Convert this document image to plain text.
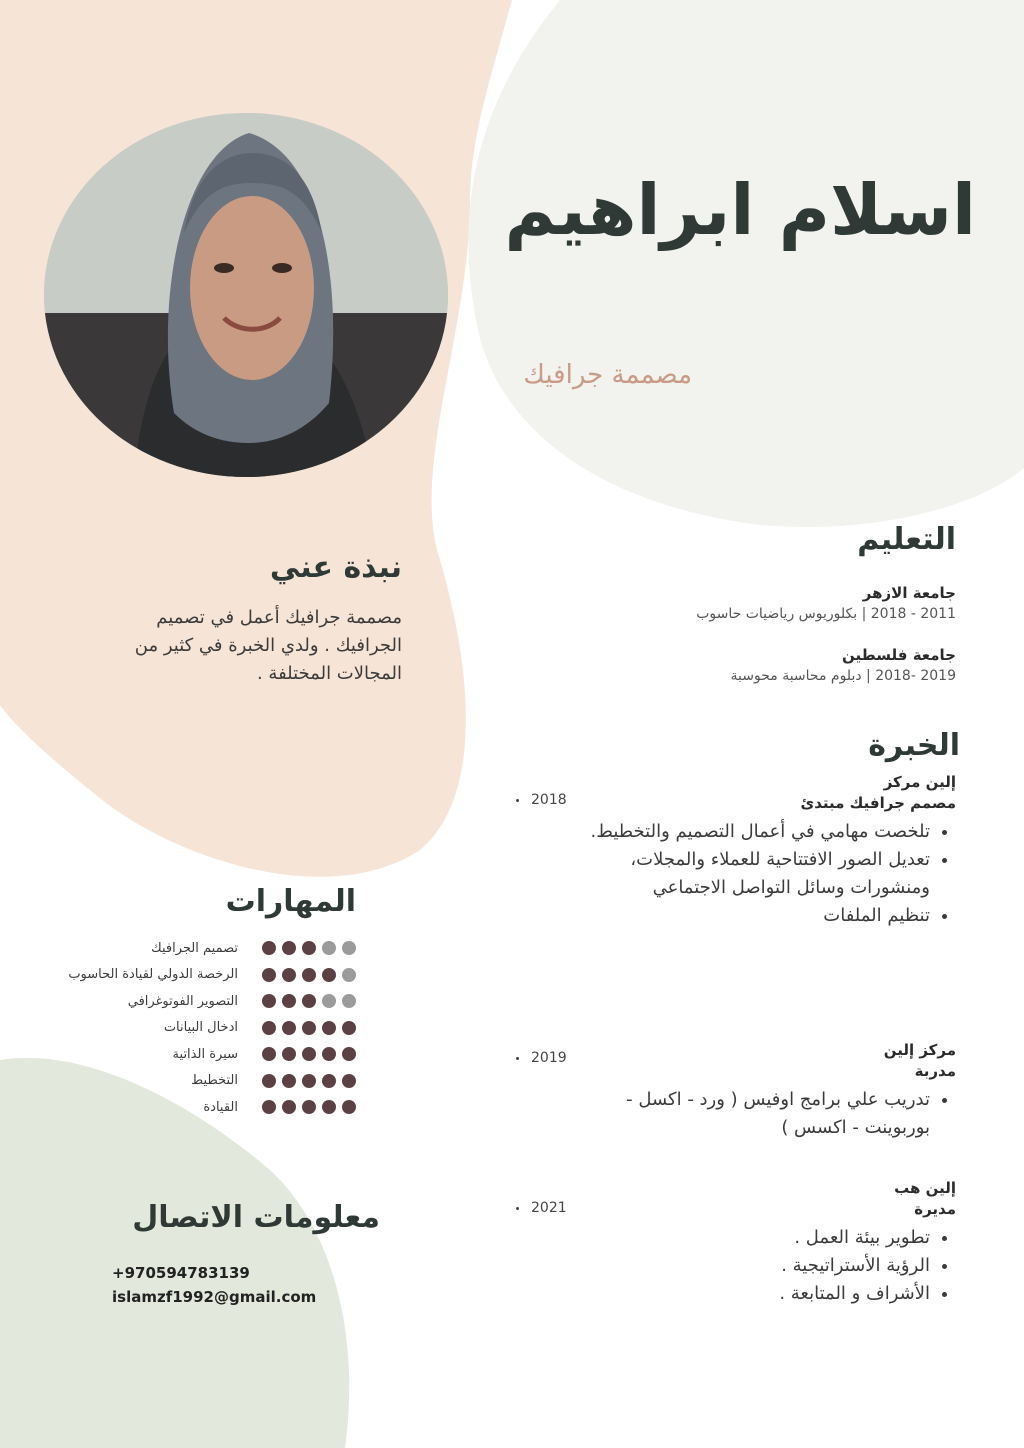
اسلام ابراهيم
مصممة جرافيك
نبذة عني
مصممة جرافيك أعمل في تصميم الجرافيك . ولدي الخبرة في كثير من المجالات المختلفة .
التعليم
جامعة الازهر
2011 - 2018 | بكلوريوس رياضيات حاسوب
جامعة فلسطين
2019 -2018 | دبلوم محاسبة محوسبة
الخبرة
إلين مركز
مصمم جرافيك مبتدئ
• تلخصت مهامي في أعمال التصميم والتخطيط.
• تعديل الصور الافتتاحية للعملاء والمجلات، ومنشورات وسائل التواصل الاجتماعي
• تنظيم الملفات
2018
مركز إلين
مدربة
• تدريب علي برامج اوفيس ( ورد - اكسل - بوربوينت - اكسس )
2019
إلين هب
مديرة
• تطوير بيئة العمل .
• الرؤية الأستراتيجية .
• الأشراف و المتابعة .
2021
المهارات
تصميم الجرافيك
الرخصة الدولي لقيادة الحاسوب
التصوير الفوتوغرافي
ادخال البيانات
سيرة الذاتية
التخطيط
القيادة
معلومات الاتصال
+970594783139
islamzf1992@gmail.com
